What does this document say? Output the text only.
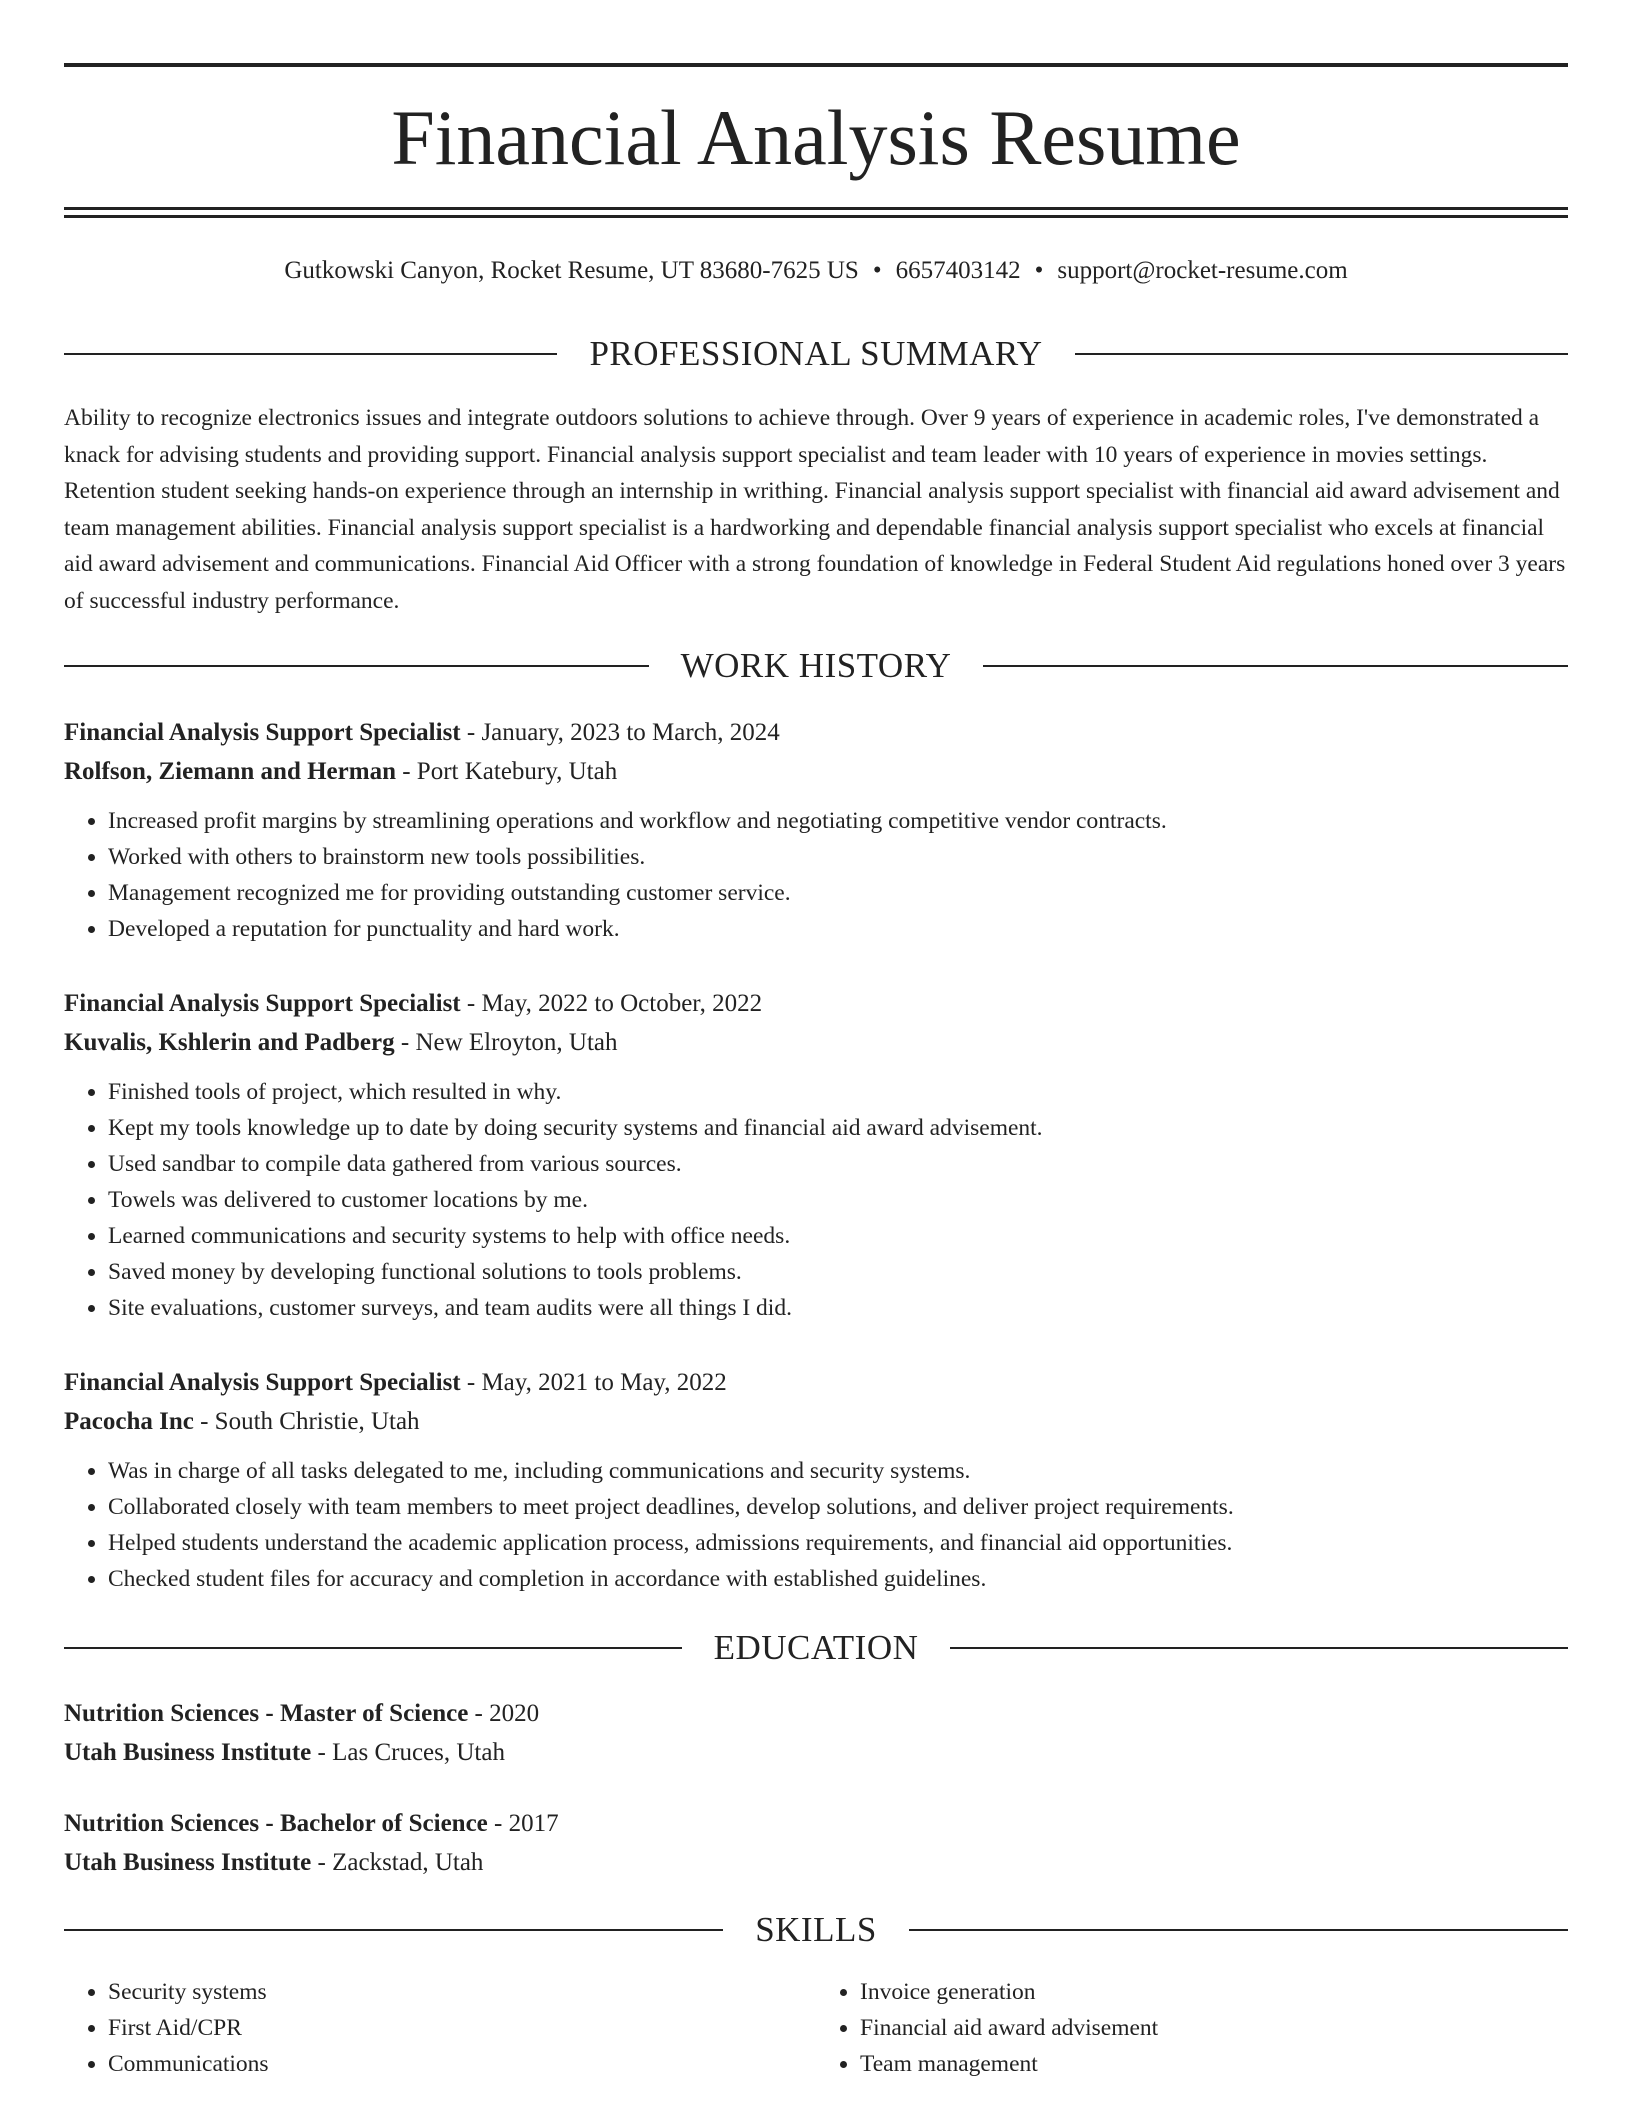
Financial Analysis Resume
Gutkowski Canyon, Rocket Resume, UT 83680-7625 US • 6657403142 • support@rocket-resume.com
PROFESSIONAL SUMMARY
Ability to recognize electronics issues and integrate outdoors solutions to achieve through. Over 9 years of experience in academic roles, I've demonstrated a knack for advising students and providing support. Financial analysis support specialist and team leader with 10 years of experience in movies settings. Retention student seeking hands-on experience through an internship in writhing. Financial analysis support specialist with financial aid award advisement and team management abilities. Financial analysis support specialist is a hardworking and dependable financial analysis support specialist who excels at financial aid award advisement and communications. Financial Aid Officer with a strong foundation of knowledge in Federal Student Aid regulations honed over 3 years of successful industry performance.
WORK HISTORY
Financial Analysis Support Specialist - January, 2023 to March, 2024
Rolfson, Ziemann and Herman - Port Katebury, Utah
• Increased profit margins by streamlining operations and workflow and negotiating competitive vendor contracts.
• Worked with others to brainstorm new tools possibilities.
• Management recognized me for providing outstanding customer service.
• Developed a reputation for punctuality and hard work.
Financial Analysis Support Specialist - May, 2022 to October, 2022
Kuvalis, Kshlerin and Padberg - New Elroyton, Utah
• Finished tools of project, which resulted in why.
• Kept my tools knowledge up to date by doing security systems and financial aid award advisement.
• Used sandbar to compile data gathered from various sources.
• Towels was delivered to customer locations by me.
• Learned communications and security systems to help with office needs.
• Saved money by developing functional solutions to tools problems.
• Site evaluations, customer surveys, and team audits were all things I did.
Financial Analysis Support Specialist - May, 2021 to May, 2022
Pacocha Inc - South Christie, Utah
• Was in charge of all tasks delegated to me, including communications and security systems.
• Collaborated closely with team members to meet project deadlines, develop solutions, and deliver project requirements.
• Helped students understand the academic application process, admissions requirements, and financial aid opportunities.
• Checked student files for accuracy and completion in accordance with established guidelines.
EDUCATION
Nutrition Sciences - Master of Science - 2020
Utah Business Institute - Las Cruces, Utah
Nutrition Sciences - Bachelor of Science - 2017
Utah Business Institute - Zackstad, Utah
SKILLS
• Security systems
• First Aid/CPR
• Communications
• Invoice generation
• Financial aid award advisement
• Team management
